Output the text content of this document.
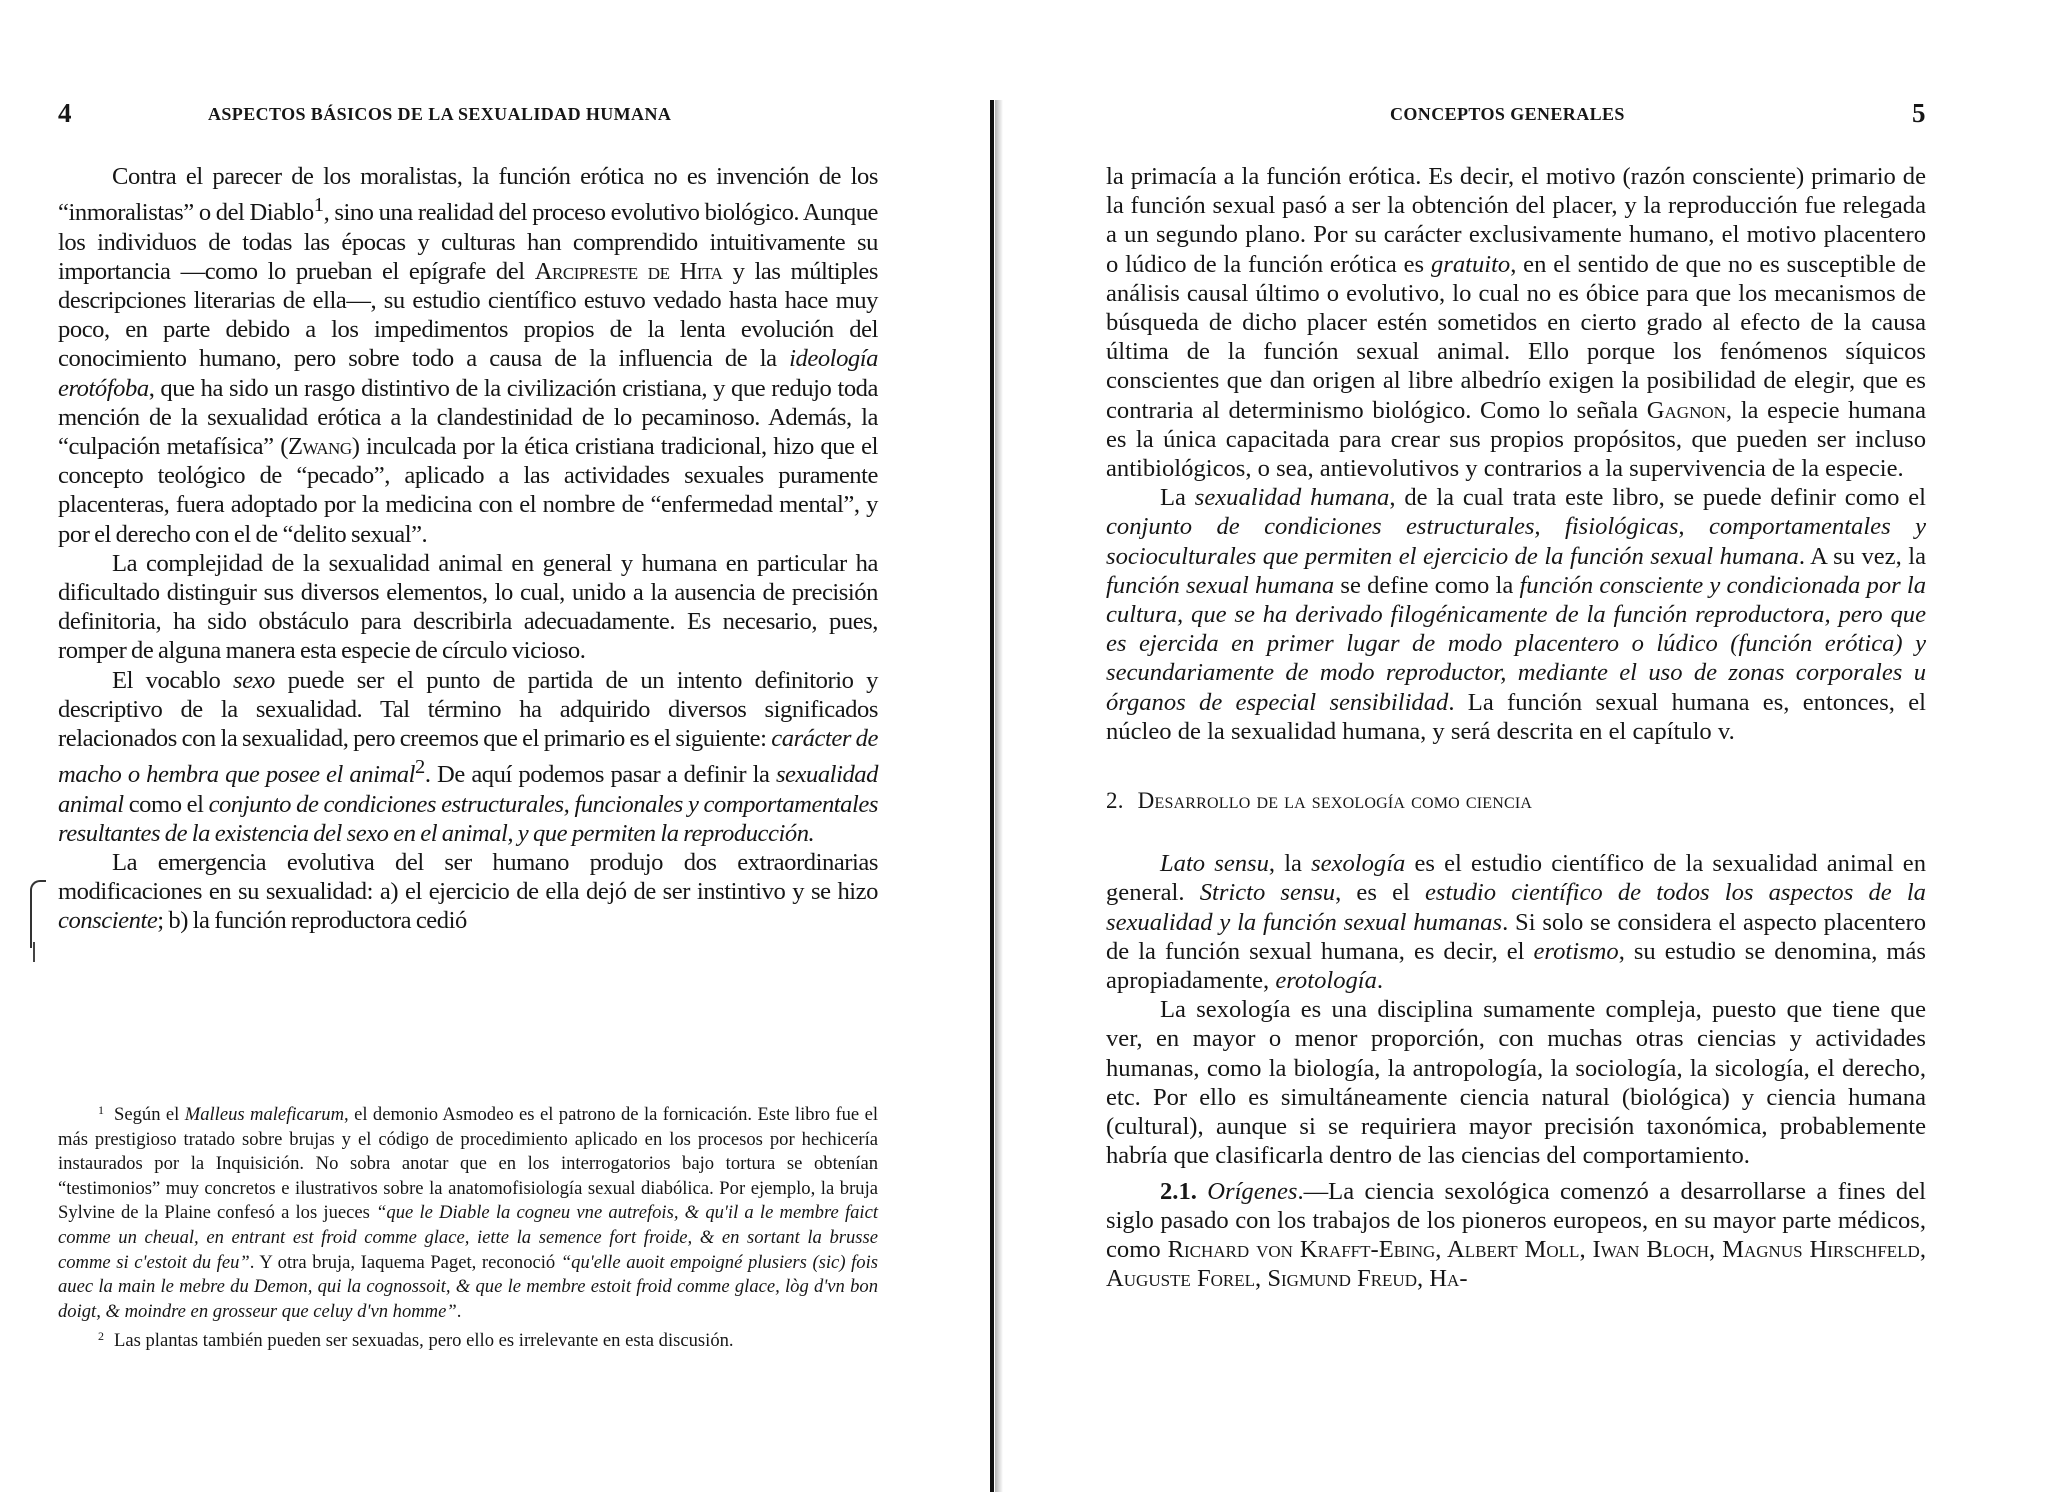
4	ASPECTOS BÁSICOS DE LA SEXUALIDAD HUMANA

Contra el parecer de los moralistas, la función erótica no es invención de los “inmoralistas” o del Diablo$^1$, sino una realidad del proceso evolutivo biológico. Aunque los individuos de todas las épocas y culturas han comprendido intuitivamente su importancia —como lo prueban el epígrafe del Arcipreste de Hita y las múltiples descripciones literarias de ella—, su estudio científico estuvo vedado hasta hace muy poco, en parte debido a los impedimentos propios de la lenta evolución del conocimiento humano, pero sobre todo a causa de la influencia de la ideología erotófoba, que ha sido un rasgo distintivo de la civilización cristiana, y que redujo toda mención de la sexualidad erótica a la clandestinidad de lo pecaminoso. Además, la “culpación metafísica” (Zwang) inculcada por la ética cristiana tradicional, hizo que el concepto teológico de “pecado”, aplicado a las actividades sexuales puramente placenteras, fuera adoptado por la medicina con el nombre de “enfermedad mental”, y por el derecho con el de “delito sexual”.

La complejidad de la sexualidad animal en general y humana en particular ha dificultado distinguir sus diversos elementos, lo cual, unido a la ausencia de precisión definitoria, ha sido obstáculo para describirla adecuadamente. Es necesario, pues, romper de alguna manera esta especie de círculo vicioso.

El vocablo sexo puede ser el punto de partida de un intento definitorio y descriptivo de la sexualidad. Tal término ha adquirido diversos significados relacionados con la sexualidad, pero creemos que el primario es el siguiente: carácter de macho o hembra que posee el animal$^2$. De aquí podemos pasar a definir la sexualidad animal como el conjunto de condiciones estructurales, funcionales y comportamentales resultantes de la existencia del sexo en el animal, y que permiten la reproducción.

La emergencia evolutiva del ser humano produjo dos extraordinarias modificaciones en su sexualidad: a) el ejercicio de ella dejó de ser instintivo y se hizo consciente; b) la función reproductora cedió

$^1$ Según el Malleus maleficarum, el demonio Asmodeo es el patrono de la fornicación. Este libro fue el más prestigioso tratado sobre brujas y el código de procedimiento aplicado en los procesos por hechicería instaurados por la Inquisición. No sobra anotar que en los interrogatorios bajo tortura se obtenían “testimonios” muy concretos e ilustrativos sobre la anatomofisiología sexual diabólica. Por ejemplo, la bruja Sylvine de la Plaine confesó a los jueces “que le Diable la cogneu vne autrefois, & qu'il a le membre faict comme un cheual, en entrant est froid comme glace, iette la semence fort froide, & en sortant la brusse comme si c'estoit du feu”. Y otra bruja, Iaquema Paget, reconoció “qu'elle auoit empoigné plusiers (sic) fois auec la main le mebre du Demon, qui la cognossoit, & que le membre estoit froid comme glace, lòg d'vn bon doigt, & moindre en grosseur que celuy d'vn homme”.

$^2$ Las plantas también pueden ser sexuadas, pero ello es irrelevante en esta discusión.

CONCEPTOS GENERALES	5

la primacía a la función erótica. Es decir, el motivo (razón consciente) primario de la función sexual pasó a ser la obtención del placer, y la reproducción fue relegada a un segundo plano. Por su carácter exclusivamente humano, el motivo placentero o lúdico de la función erótica es gratuito, en el sentido de que no es susceptible de análisis causal último o evolutivo, lo cual no es óbice para que los mecanismos de búsqueda de dicho placer estén sometidos en cierto grado al efecto de la causa última de la función sexual animal. Ello porque los fenómenos síquicos conscientes que dan origen al libre albedrío exigen la posibilidad de elegir, que es contraria al determinismo biológico. Como lo señala Gagnon, la especie humana es la única capacitada para crear sus propios propósitos, que pueden ser incluso antibiológicos, o sea, antievolutivos y contrarios a la supervivencia de la especie.

La sexualidad humana, de la cual trata este libro, se puede definir como el conjunto de condiciones estructurales, fisiológicas, comportamentales y socioculturales que permiten el ejercicio de la función sexual humana. A su vez, la función sexual humana se define como la función consciente y condicionada por la cultura, que se ha derivado filogénicamente de la función reproductora, pero que es ejercida en primer lugar de modo placentero o lúdico (función erótica) y secundariamente de modo reproductor, mediante el uso de zonas corporales u órganos de especial sensibilidad. La función sexual humana es, entonces, el núcleo de la sexualidad humana, y será descrita en el capítulo v.

2. Desarrollo de la sexología como ciencia

Lato sensu, la sexología es el estudio científico de la sexualidad animal en general. Stricto sensu, es el estudio científico de todos los aspectos de la sexualidad y la función sexual humanas. Si solo se considera el aspecto placentero de la función sexual humana, es decir, el erotismo, su estudio se denomina, más apropiadamente, erotología.

La sexología es una disciplina sumamente compleja, puesto que tiene que ver, en mayor o menor proporción, con muchas otras ciencias y actividades humanas, como la biología, la antropología, la sociología, la sicología, el derecho, etc. Por ello es simultáneamente ciencia natural (biológica) y ciencia humana (cultural), aunque si se requiriera mayor precisión taxonómica, probablemente habría que clasificarla dentro de las ciencias del comportamiento.

2.1. Orígenes.—La ciencia sexológica comenzó a desarrollarse a fines del siglo pasado con los trabajos de los pioneros europeos, en su mayor parte médicos, como Richard von Krafft-Ebing, Albert Moll, Iwan Bloch, Magnus Hirschfeld, Auguste Forel, Sigmund Freud, Ha-
